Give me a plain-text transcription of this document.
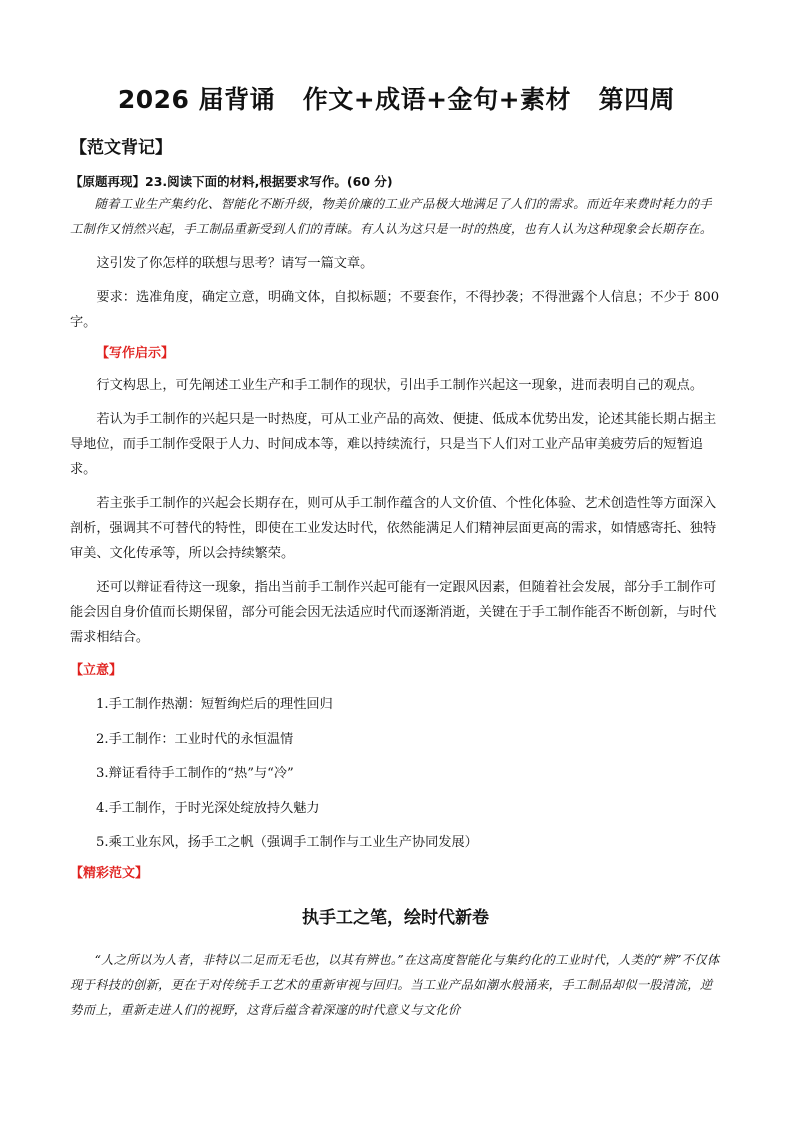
2026 届背诵   作文+成语+金句+素材   第四周
【范文背记】

【原题再现】23.阅读下面的材料,根据要求写作。(60 分)

随着工业生产集约化、智能化不断升级，物美价廉的工业产品极大地满足了人们的需求。而近年来费时耗力的手工制作又悄然兴起，手工制品重新受到人们的青睐。有人认为这只是一时的热度，也有人认为这种现象会长期存在。

这引发了你怎样的联想与思考？请写一篇文章。

要求：选准角度，确定立意，明确文体，自拟标题；不要套作，不得抄袭；不得泄露个人信息；不少于 800 字。

【写作启示】

行文构思上，可先阐述工业生产和手工制作的现状，引出手工制作兴起这一现象，进而表明自己的观点。

若认为手工制作的兴起只是一时热度，可从工业产品的高效、便捷、低成本优势出发，论述其能长期占据主导地位，而手工制作受限于人力、时间成本等，难以持续流行，只是当下人们对工业产品审美疲劳后的短暂追求。

若主张手工制作的兴起会长期存在，则可从手工制作蕴含的人文价值、个性化体验、艺术创造性等方面深入剖析，强调其不可替代的特性，即使在工业发达时代，依然能满足人们精神层面更高的需求，如情感寄托、独特审美、文化传承等，所以会持续繁荣。

还可以辩证看待这一现象，指出当前手工制作兴起可能有一定跟风因素，但随着社会发展，部分手工制作可能会因自身价值而长期保留，部分可能会因无法适应时代而逐渐消逝，关键在于手工制作能否不断创新，与时代需求相结合。

【立意】

1.手工制作热潮：短暂绚烂后的理性回归
2.手工制作：工业时代的永恒温情
3.辩证看待手工制作的“热”与“冷”
4.手工制作，于时光深处绽放持久魅力
5.乘工业东风，扬手工之帆（强调手工制作与工业生产协同发展）

【精彩范文】

执手工之笔，绘时代新卷

“人之所以为人者，非特以二足而无毛也，以其有辨也。”在这高度智能化与集约化的工业时代，人类的“辨”不仅体现于科技的创新，更在于对传统手工艺术的重新审视与回归。当工业产品如潮水般涌来，手工制品却似一股清流，逆势而上，重新走进人们的视野，这背后蕴含着深邃的时代意义与文化价
